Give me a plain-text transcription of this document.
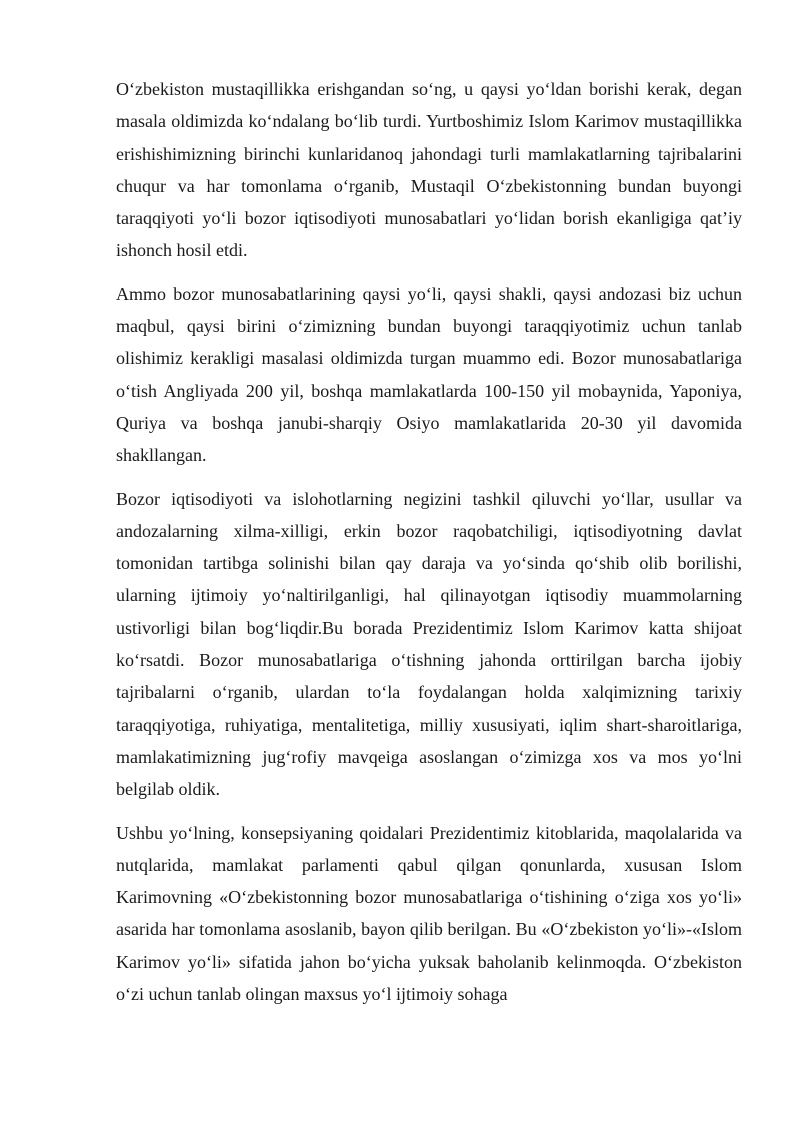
O‘zbekiston mustaqillikka erishgandan so‘ng, u qaysi yo‘ldan borishi kerak, degan masala oldimizda ko‘ndalang bo‘lib turdi. Yurtboshimiz Islom Karimov mustaqillikka erishishimizning birinchi kunlaridanoq jahondagi turli mamlakatlarning tajribalarini chuqur va har tomonlama o‘rganib, Mustaqil O‘zbekistonning bundan buyongi taraqqiyoti yo‘li bozor iqtisodiyoti munosabatlari yo‘lidan borish ekanligiga qat’iy ishonch hosil etdi.

Ammo bozor munosabatlarining qaysi yo‘li, qaysi shakli, qaysi andozasi biz uchun maqbul, qaysi birini o‘zimizning bundan buyongi taraqqiyotimiz uchun tanlab olishimiz kerakligi masalasi oldimizda turgan muammo edi. Bozor munosabatlariga o‘tish Angliyada 200 yil, boshqa mamlakatlarda 100-150 yil mobaynida, Yaponiya, Quriya va boshqa janubi-sharqiy Osiyo mamlakatlarida 20-30 yil davomida shakllangan.

Bozor iqtisodiyoti va islohotlarning negizini tashkil qiluvchi yo‘llar, usullar va andozalarning xilma-xilligi, erkin bozor raqobatchiligi, iqtisodiyotning davlat tomonidan tartibga solinishi bilan qay daraja va yo‘sinda qo‘shib olib borilishi, ularning ijtimoiy yo‘naltirilganligi, hal qilinayotgan iqtisodiy muammolarning ustivorligi bilan bog‘liqdir.Bu borada Prezidentimiz Islom Karimov katta shijoat ko‘rsatdi. Bozor munosabatlariga o‘tishning jahonda orttirilgan barcha ijobiy tajribalarni o‘rganib, ulardan to‘la foydalangan holda xalqimizning tarixiy taraqqiyotiga, ruhiyatiga, mentalitetiga, milliy xususiyati, iqlim shart-sharoitlariga, mamlakatimizning jug‘rofiy mavqeiga asoslangan o‘zimizga xos va mos yo‘lni belgilab oldik.

Ushbu yo‘lning, konsepsiyaning qoidalari Prezidentimiz kitoblarida, maqolalarida va nutqlarida, mamlakat parlamenti qabul qilgan qonunlarda, xususan Islom Karimovning «O‘zbekistonning bozor munosabatlariga o‘tishining o‘ziga xos yo‘li» asarida har tomonlama asoslanib, bayon qilib berilgan. Bu «O‘zbekiston yo‘li»-«Islom Karimov yo‘li» sifatida jahon bo‘yicha yuksak baholanib kelinmoqda. O‘zbekiston o‘zi uchun tanlab olingan maxsus yo‘l ijtimoiy sohaga
